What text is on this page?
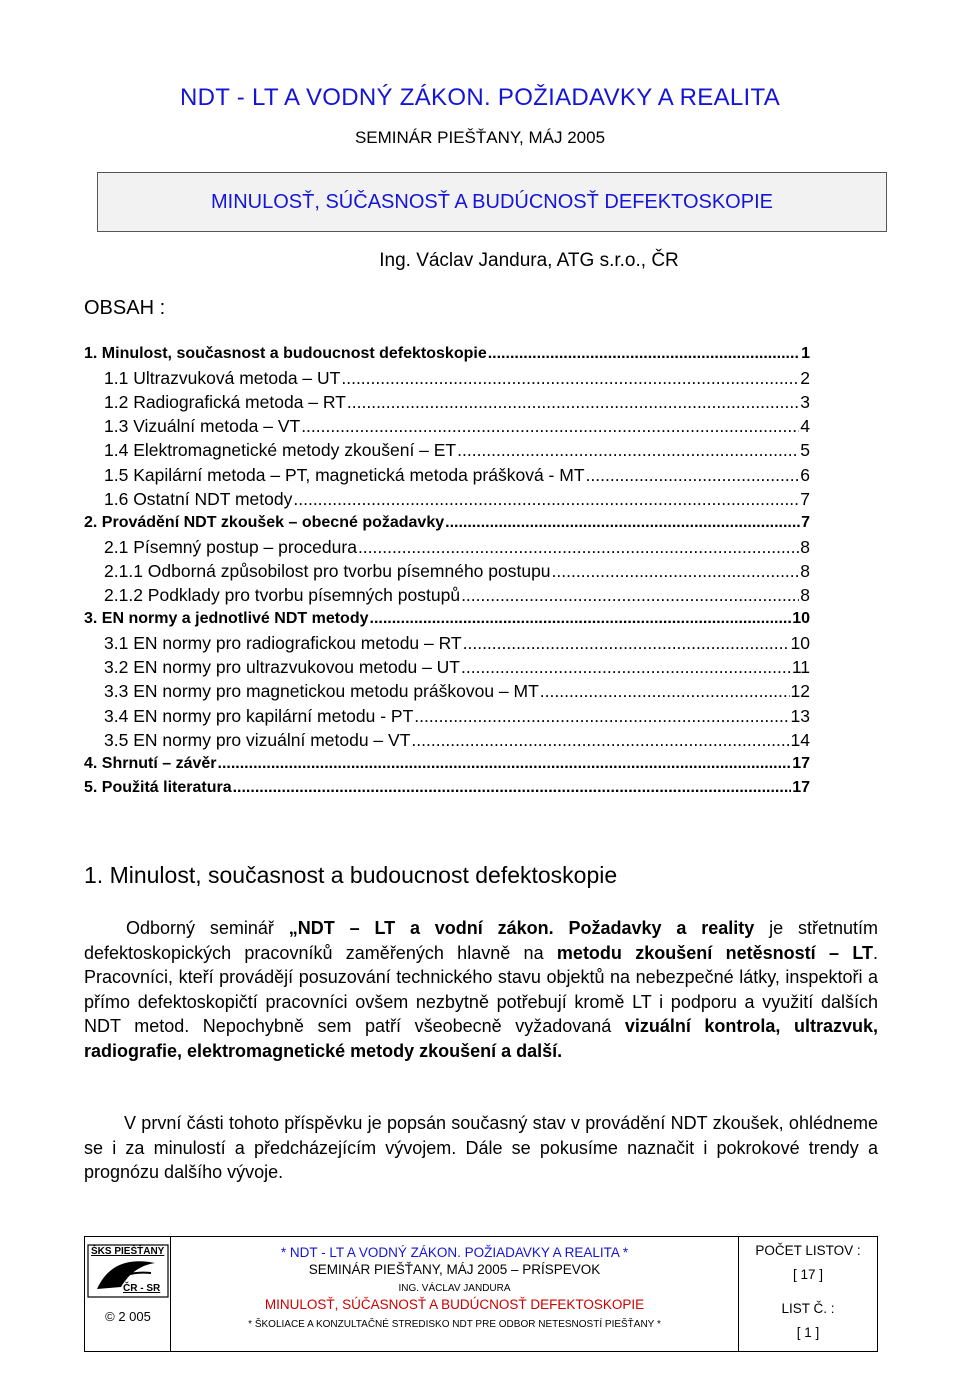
NDT - LT A VODNÝ ZÁKON. POŽIADAVKY A REALITA
SEMINÁR PIEŠŤANY, MÁJ 2005
MINULOSŤ, SÚČASNOSŤ A BUDÚCNOSŤ DEFEKTOSKOPIE
Ing. Václav Jandura, ATG s.r.o., ČR
OBSAH :
1. Minulost, současnost a budoucnost defektoskopie .....	1
1.1 Ultrazvuková metoda – UT .....	2
1.2 Radiografická metoda – RT .....	3
1.3 Vizuální metoda – VT .....	4
1.4 Elektromagnetické metody zkoušení – ET .....	5
1.5 Kapilární metoda – PT, magnetická metoda prášková - MT .....	6
1.6 Ostatní NDT metody .....	7
2. Provádění NDT zkoušek – obecné požadavky .....	7
2.1 Písemný postup – procedura .....	8
2.1.1 Odborná způsobilost pro tvorbu písemného postupu .....	8
2.1.2 Podklady pro tvorbu písemných postupů .....	8
3. EN normy a jednotlivé NDT metody .....	10
3.1 EN normy pro radiografickou metodu – RT .....	10
3.2 EN normy pro ultrazvukovou metodu – UT .....	11
3.3 EN normy pro magnetickou metodu práškovou – MT .....	12
3.4 EN normy pro kapilární metodu - PT .....	13
3.5 EN normy pro vizuální metodu – VT .....	14
4. Shrnutí – závěr .....	17
5. Použitá literatura .....	17
1. Minulost, současnost a budoucnost defektoskopie
Odborný seminář „NDT – LT a vodní zákon. Požadavky a reality je střetnutím defektoskopických pracovníků zaměřených hlavně na metodu zkoušení netěsností – LT. Pracovníci, kteří provádějí posuzování technického stavu objektů na nebezpečné látky, inspektoři a přímo defektoskopičtí pracovníci ovšem nezbytně potřebují kromě LT i podporu a využití dalších NDT metod. Nepochybně sem patří všeobecně vyžadovaná vizuální kontrola, ultrazvuk, radiografie, elektromagnetické metody zkoušení a další.
V první části tohoto příspěvku je popsán současný stav v provádění NDT zkoušek, ohlédneme se i za minulostí a předcházejícím vývojem. Dále se pokusíme naznačit i pokrokové trendy a prognózu dalšího vývoje.
ŠKS PIEŠŤANY
ČR - SR
© 2 005
* NDT - LT A VODNÝ ZÁKON. POŽIADAVKY A REALITA *
SEMINÁR PIEŠŤANY, MÁJ 2005 – PRÍSPEVOK
ING. VÁCLAV JANDURA
MINULOSŤ, SÚČASNOSŤ A BUDÚCNOSŤ DEFEKTOSKOPIE
* ŠKOLIACE A KONZULTAČNÉ STREDISKO NDT PRE ODBOR NETESNOSTÍ PIEŠŤANY *
POČET LISTOV :
[ 17 ]
LIST Č. :
[ 1 ]
